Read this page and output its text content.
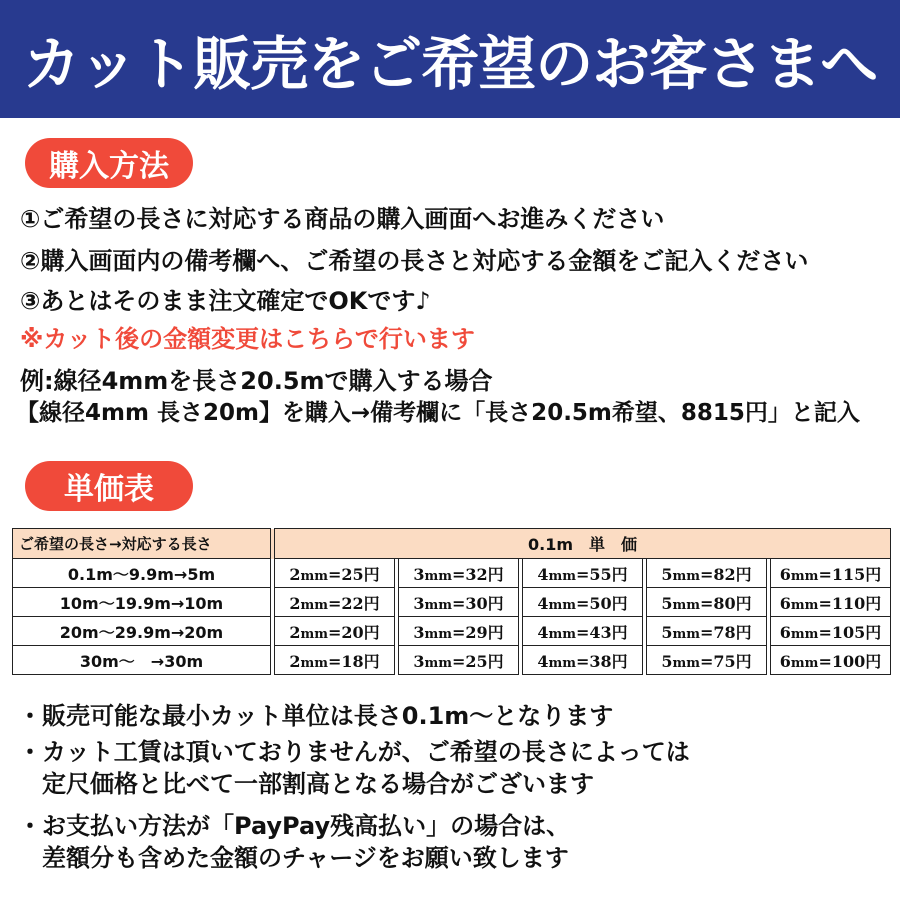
カット販売をご希望のお客さまへ
購入方法
①ご希望の長さに対応する商品の購入画面へお進みください
②購入画面内の備考欄へ、ご希望の長さと対応する金額をご記入ください
③あとはそのまま注文確定でOKです♪
※カット後の金額変更はこちらで行います
例:線径4mmを長さ20.5mで購入する場合
【線径4mm 長さ20m】を購入→備考欄に「長さ20.5m希望、8815円」と記入
単価表
ご希望の長さ→対応する長さ		0.1m　単　価								
0.1m〜9.9m→5m		2mm=25円		3mm=32円		4mm=55円		5mm=82円		6mm=115円
10m〜19.9m→10m		2mm=22円		3mm=30円		4mm=50円		5mm=80円		6mm=110円
20m〜29.9m→20m		2mm=20円		3mm=29円		4mm=43円		5mm=78円		6mm=105円
30m〜　→30m		2mm=18円		3mm=25円		4mm=38円		5mm=75円		6mm=100円
・販売可能な最小カット単位は長さ0.1m〜となります
・カット工賃は頂いておりませんが、ご希望の長さによっては
　定尺価格と比べて一部割高となる場合がございます
・お支払い方法が「PayPay残高払い」の場合は、
　差額分も含めた金額のチャージをお願い致します
